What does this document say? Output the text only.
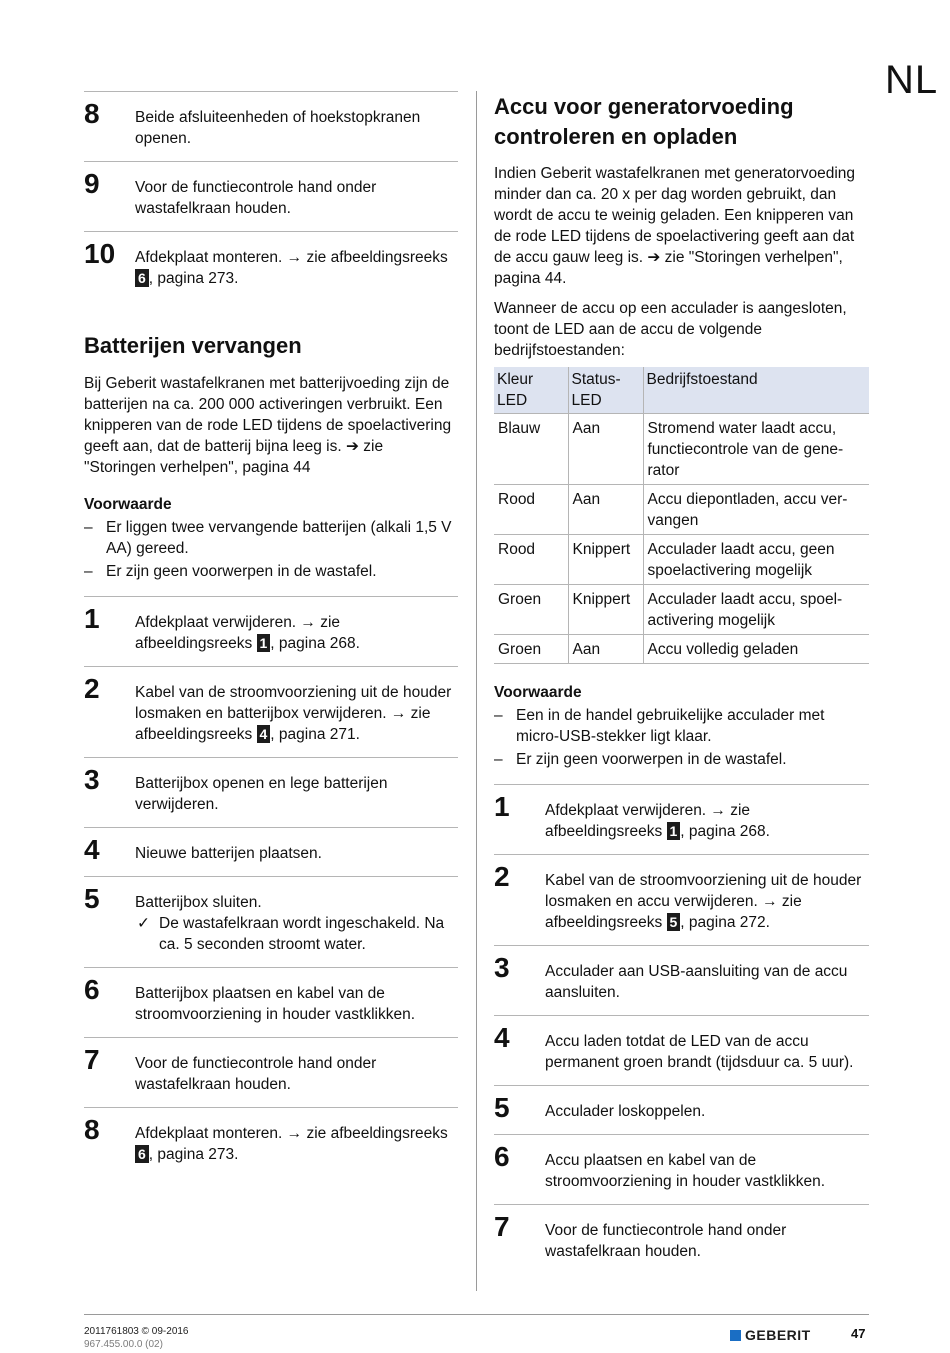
NL
8	Beide afsluiteenheden of hoekstopkranen openen.
9	Voor de functiecontrole hand onder wastafelkraan houden.
10	Afdekplaat monteren. → zie afbeeldingsreeks 6 , pagina 273.
Batterijen vervangen

Bij Geberit wastafelkranen met batterijvoeding zijn de batterijen na ca. 200 000 activeringen verbruikt. Een knipperen van de rode LED tijdens de spoelactivering geeft aan, dat de batterij bijna leeg is. ➔ zie "Storingen verhelpen", pagina 44

Voorwaarde
– Er liggen twee vervangende batterijen (alkali 1,5 V AA) gereed.
– Er zijn geen voorwerpen in de wastafel.
1	Afdekplaat verwijderen. → zie afbeeldingsreeks 1 , pagina 268.
2	Kabel van de stroomvoorziening uit de houder losmaken en batterijbox verwijderen. → zie afbeeldingsreeks 4 , pagina 271.
3	Batterijbox openen en lege batterijen verwijderen.
4	Nieuwe batterijen plaatsen.
5	Batterijbox sluiten.
✓ De wastafelkraan wordt ingeschakeld. Na ca. 5 seconden stroomt water.
6	Batterijbox plaatsen en kabel van de stroomvoorziening in houder vastklikken.
7	Voor de functiecontrole hand onder wastafelkraan houden.
8	Afdekplaat monteren. → zie afbeeldingsreeks 6 , pagina 273.
Accu voor generatorvoeding controleren en opladen

Indien Geberit wastafelkranen met generatorvoeding minder dan ca. 20 x per dag worden gebruikt, dan wordt de accu te weinig geladen. Een knipperen van de rode LED tijdens de spoelactivering geeft aan dat de accu gauw leeg is. ➔ zie "Storingen verhelpen", pagina 44.

Wanneer de accu op een acculader is aangesloten, toont de LED aan de accu de volgende bedrijfstoestanden:

Kleur LED	Status-LED	Bedrijfstoestand
Blauw	Aan	Stromend water laadt accu, functiecontrole van de gene-rator
Rood	Aan	Accu diepontladen, accu ver-vangen
Rood	Knippert	Acculader laadt accu, geen spoelactivering mogelijk
Groen	Knippert	Acculader laadt accu, spoel-activering mogelijk
Groen	Aan	Accu volledig geladen
Voorwaarde
– Een in de handel gebruikelijke acculader met micro-USB-stekker ligt klaar.
– Er zijn geen voorwerpen in de wastafel.
1	Afdekplaat verwijderen. → zie afbeeldingsreeks 1 , pagina 268.
2	Kabel van de stroomvoorziening uit de houder losmaken en accu verwijderen. → zie afbeeldingsreeks 5 , pagina 272.
3	Acculader aan USB-aansluiting van de accu aansluiten.
4	Accu laden totdat de LED van de accu permanent groen brandt (tijdsduur ca. 5 uur).
5	Acculader loskoppelen.
6	Accu plaatsen en kabel van de stroomvoorziening in houder vastklikken.
7	Voor de functiecontrole hand onder wastafelkraan houden.
2011761803 © 09-2016
967.455.00.0 (02)
GEBERIT	47
